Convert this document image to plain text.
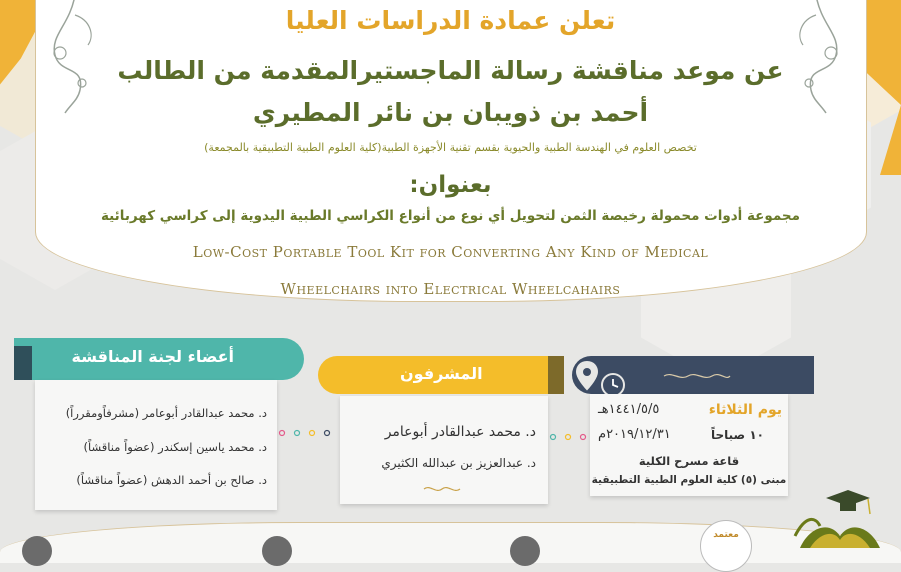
تعلن عمادة الدراسات العليا
عن موعد مناقشة رسالة الماجستيرالمقدمة من الطالب
أحمد بن ذويبان بن نائر المطيري
تخصص العلوم في الهندسة الطبية والحيوية بقسم تقنية الأجهزة الطبية(كلية العلوم الطبية التطبيقية بالمجمعة)
بعنوان:
مجموعة أدوات محمولة رخيصة الثمن لتحويل أي نوع من أنواع الكراسي الطبية اليدوية إلى كراسي كهربائية
Low-Cost Portable Tool Kit for Converting Any Kind of Medical
Wheelchairs into Electrical Wheelcahairs
أعضاء لجنة المناقشة
د. محمد عبدالقادر أبوعامر (مشرفاًومقرراً)
د. محمد ياسين إسكندر (عضواً مناقشاً)
د. صالح بن أحمد الدهش (عضواً مناقشاً)
المشرفون
د. محمد عبدالقادر أبوعامر
د. عبدالعزيز بن عبدالله الكثيري
١٤٤١/٥/٥هـ
٢٠١٩/١٢/٣١م
يوم الثلاثاء
١٠ صباحاً
قاعة مسرح الكلية
مبنى (٥) كلية العلوم الطبية التطبيقية
معتمد
